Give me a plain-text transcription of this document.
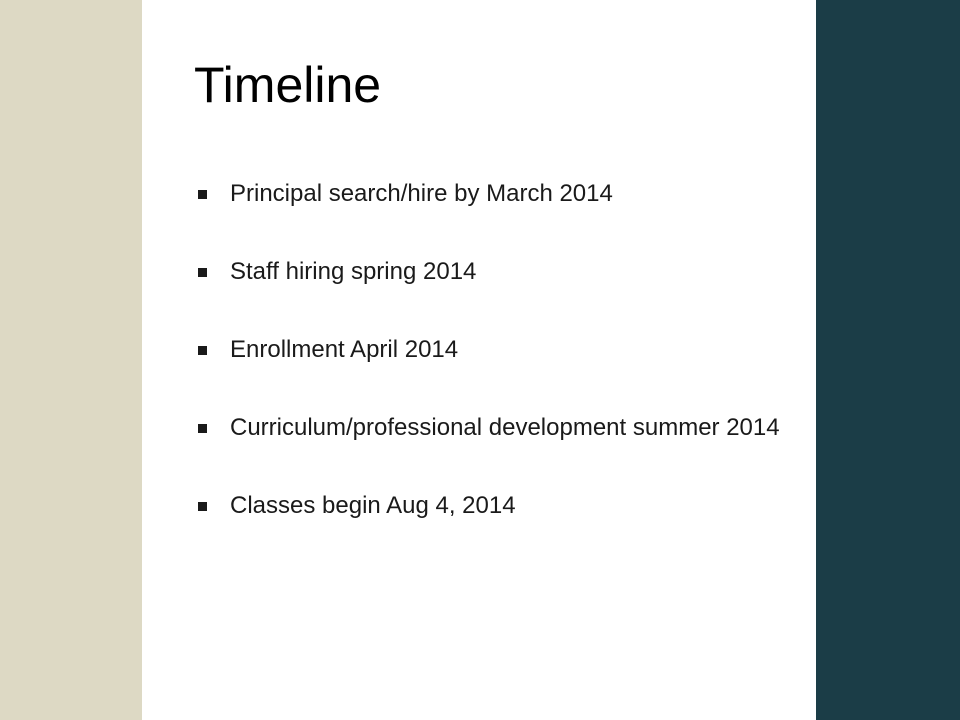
Timeline
Principal search/hire by March 2014
Staff hiring spring 2014
Enrollment April 2014
Curriculum/professional development summer 2014
Classes begin Aug 4, 2014
